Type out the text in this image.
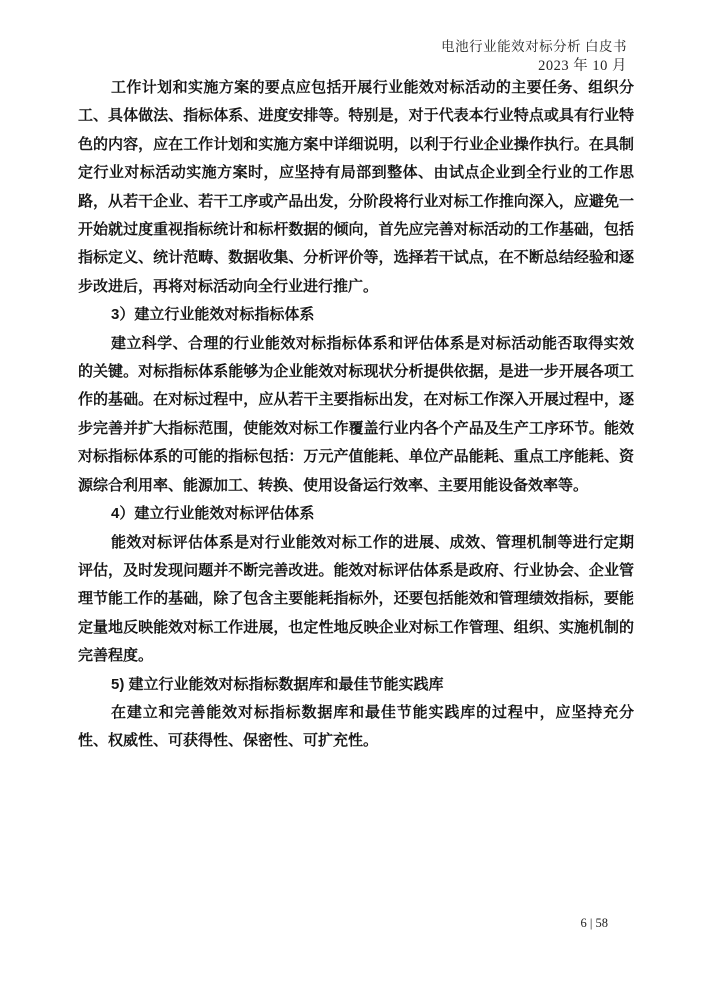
电池行业能效对标分析 白皮书
2023 年 10 月

工作计划和实施方案的要点应包括开展行业能效对标活动的主要任务、组织分工、具体做法、指标体系、进度安排等。特别是，对于代表本行业特点或具有行业特色的内容，应在工作计划和实施方案中详细说明，以利于行业企业操作执行。在具制定行业对标活动实施方案时，应坚持有局部到整体、由试点企业到全行业的工作思路，从若干企业、若干工序或产品出发，分阶段将行业对标工作推向深入，应避免一开始就过度重视指标统计和标杆数据的倾向，首先应完善对标活动的工作基础，包括指标定义、统计范畴、数据收集、分析评价等，选择若干试点，在不断总结经验和逐步改进后，再将对标活动向全行业进行推广。

3）建立行业能效对标指标体系

建立科学、合理的行业能效对标指标体系和评估体系是对标活动能否取得实效的关键。对标指标体系能够为企业能效对标现状分析提供依据，是进一步开展各项工作的基础。在对标过程中，应从若干主要指标出发，在对标工作深入开展过程中，逐步完善并扩大指标范围，使能效对标工作覆盖行业内各个产品及生产工序环节。能效对标指标体系的可能的指标包括：万元产值能耗、单位产品能耗、重点工序能耗、资源综合利用率、能源加工、转换、使用设备运行效率、主要用能设备效率等。

4）建立行业能效对标评估体系

能效对标评估体系是对行业能效对标工作的进展、成效、管理机制等进行定期评估，及时发现问题并不断完善改进。能效对标评估体系是政府、行业协会、企业管理节能工作的基础，除了包含主要能耗指标外，还要包括能效和管理绩效指标，要能定量地反映能效对标工作进展，也定性地反映企业对标工作管理、组织、实施机制的完善程度。

5) 建立行业能效对标指标数据库和最佳节能实践库

在建立和完善能效对标指标数据库和最佳节能实践库的过程中，应坚持充分性、权威性、可获得性、保密性、可扩充性。

6 | 58
